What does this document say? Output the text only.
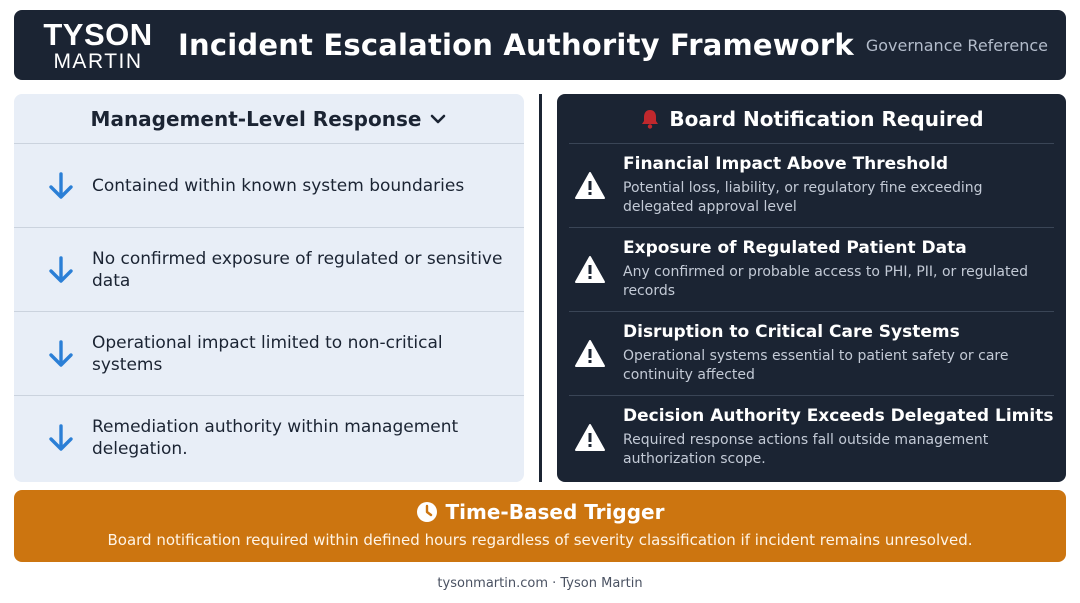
TYSON
MARTIN	Incident Escalation Authority Framework Governance Reference
Management-Level Response
Contained within known system boundaries
No confirmed exposure of regulated or sensitive data
Operational impact limited to non-critical systems
Remediation authority within management delegation.
Board Notification Required
Financial Impact Above Threshold
Potential loss, liability, or regulatory fine exceeding delegated approval level
Exposure of Regulated Patient Data
Any confirmed or probable access to PHI, PII, or regulated records
Disruption to Critical Care Systems
Operational systems essential to patient safety or care continuity affected
Decision Authority Exceeds Delegated Limits
Required response actions fall outside management authorization scope.
Time-Based Trigger
Board notification required within defined hours regardless of severity classification if incident remains unresolved.
tysonmartin.com · Tyson Martin
